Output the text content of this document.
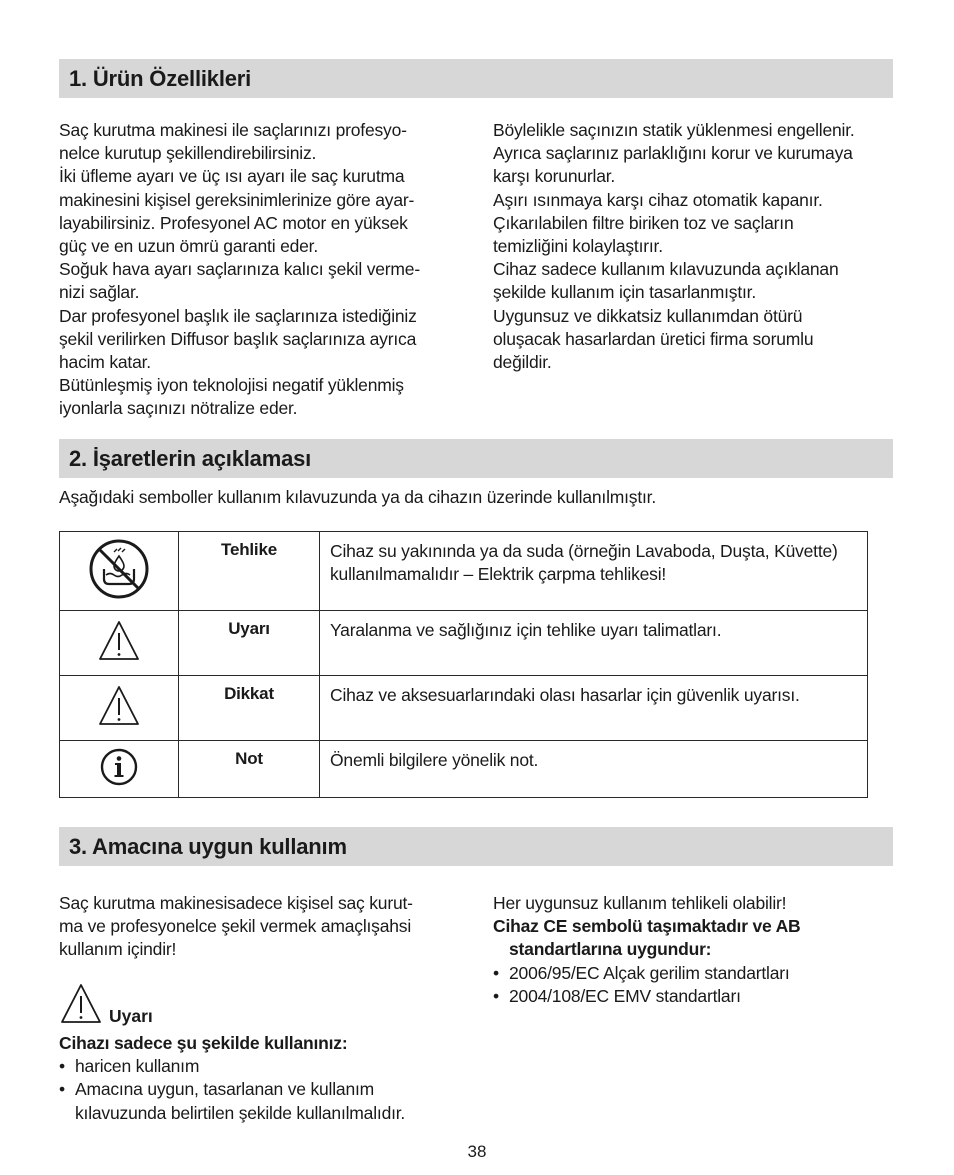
1. Ürün Özellikleri

Saç kurutma makinesi ile saçlarınızı profesyo-

nelce kurutup şekillendirebilirsiniz.

İki üfleme ayarı ve üç ısı ayarı ile saç kurutma

makinesini kişisel gereksinimlerinize göre ayar-

layabilirsiniz. Profesyonel AC motor en yüksek

güç ve en uzun ömrü garanti eder.

Soğuk hava ayarı saçlarınıza kalıcı şekil verme-

nizi sağlar.

Dar profesyonel başlık ile saçlarınıza istediğiniz

şekil verilirken Diffusor başlık saçlarınıza ayrıca

hacim katar.

Bütünleşmiş iyon teknolojisi negatif yüklenmiş

iyonlarla saçınızı nötralize eder.

Böylelikle saçınızın statik yüklenmesi engellenir.

Ayrıca saçlarınız parlaklığını korur ve kurumaya

karşı korunurlar.

Aşırı ısınmaya karşı cihaz otomatik kapanır.

Çıkarılabilen filtre biriken toz ve saçların

temizliğini kolaylaştırır.

Cihaz sadece kullanım kılavuzunda açıklanan

şekilde kullanım için tasarlanmıştır.

Uygunsuz ve dikkatsiz kullanımdan ötürü

oluşacak hasarlardan üretici firma sorumlu

değildir.

2. İşaretlerin açıklaması
Aşağıdaki semboller kullanım kılavuzunda ya da cihazın üzerinde kullanılmıştır.
	Tehlike	Cihaz su yakınında ya da suda (örneğin Lavaboda, Duşta, Küvette) kullanılmamalıdır – Elektrik çarpma tehlikesi!
	Uyarı	Yaralanma ve sağlığınız için tehlike uyarı talimatları.
	Dikkat	Cihaz ve aksesuarlarındaki olası hasarlar için güvenlik uyarısı.
	Not	Önemli bilgilere yönelik not.
3. Amacına uygun kullanım

Saç kurutma makinesisadece kişisel saç kurut-

ma ve profesyonelce şekil vermek amaçlışahsi

kullanım içindir!

Uyarı

Cihazı sadece şu şekilde kullanınız:

• haricen kullanım
• Amacına uygun, tasarlanan ve kullanım kılavuzunda belirtilen şekilde kullanılmalıdır.

Her uygunsuz kullanım tehlikeli olabilir!

Cihaz CE sembolü taşımaktadır ve AB

standartlarına uygundur:

• 2006/95/EC Alçak gerilim standartları
• 2004/108/EC EMV standartları
38
